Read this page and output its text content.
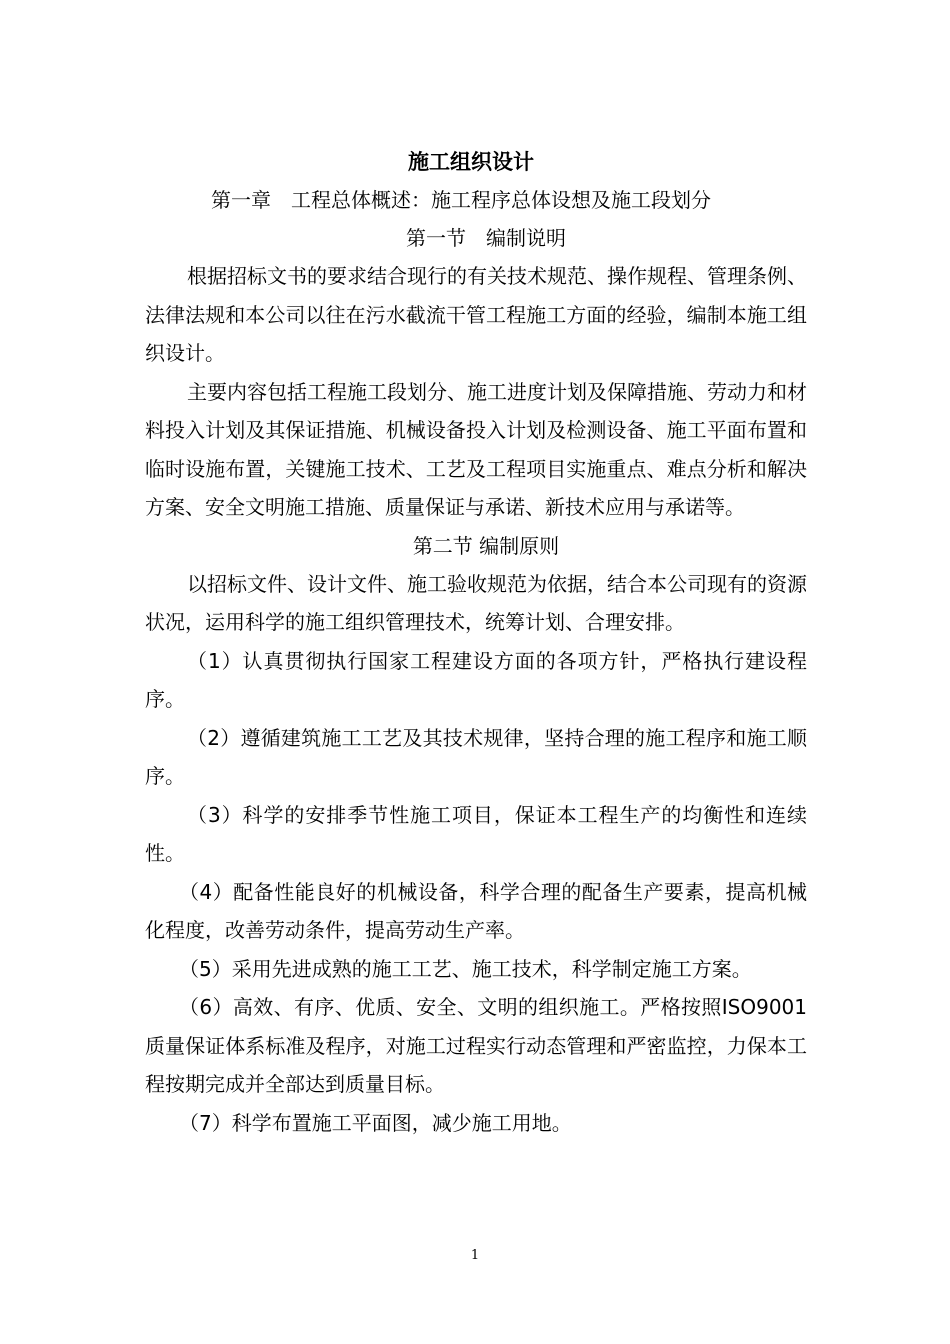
施工组织设计
第一章　工程总体概述：施工程序总体设想及施工段划分
第一节　编制说明

根据招标文书的要求结合现行的有关技术规范、操作规程、管理条例、法律法规和本公司以往在污水截流干管工程施工方面的经验，编制本施工组织设计。

主要内容包括工程施工段划分、施工进度计划及保障措施、劳动力和材料投入计划及其保证措施、机械设备投入计划及检测设备、施工平面布置和临时设施布置，关键施工技术、工艺及工程项目实施重点、难点分析和解决方案、安全文明施工措施、质量保证与承诺、新技术应用与承诺等。

第二节 编制原则

以招标文件、设计文件、施工验收规范为依据，结合本公司现有的资源状况，运用科学的施工组织管理技术，统筹计划、合理安排。

（1）认真贯彻执行国家工程建设方面的各项方针，严格执行建设程序。

（2）遵循建筑施工工艺及其技术规律，坚持合理的施工程序和施工顺序。

（3）科学的安排季节性施工项目，保证本工程生产的均衡性和连续性。

（4）配备性能良好的机械设备，科学合理的配备生产要素，提高机械化程度，改善劳动条件，提高劳动生产率。

（5）采用先进成熟的施工工艺、施工技术，科学制定施工方案。

（6）高效、有序、优质、安全、文明的组织施工。严格按照ISO9001质量保证体系标准及程序，对施工过程实行动态管理和严密监控，力保本工程按期完成并全部达到质量目标。

（7）科学布置施工平面图，减少施工用地。

1
